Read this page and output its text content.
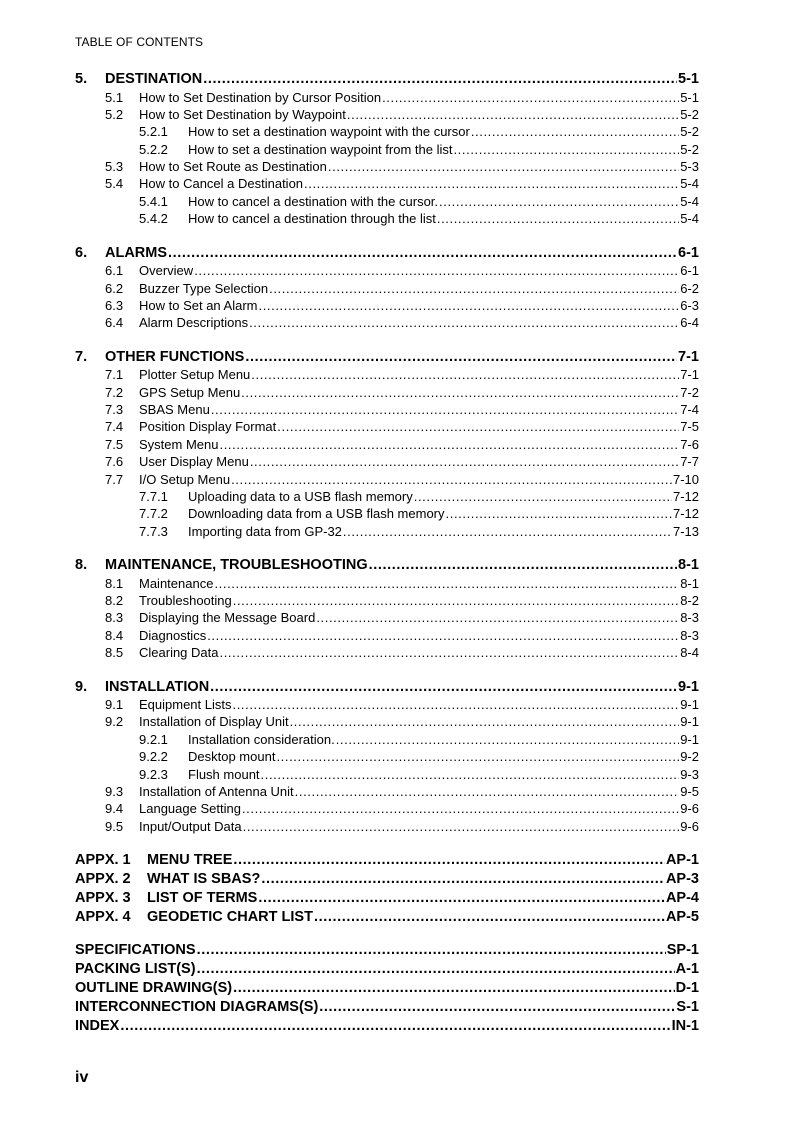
TABLE OF CONTENTS
5.	DESTINATION .....	5-1
5.1	How to Set Destination by Cursor Position .....	5-1
5.2	How to Set Destination by Waypoint .....	5-2
5.2.1	How to set a destination waypoint with the cursor .....	5-2
5.2.2	How to set a destination waypoint from the list .....	5-2
5.3	How to Set Route as Destination .....	5-3
5.4	How to Cancel a Destination .....	5-4
5.4.1	How to cancel a destination with the cursor. .....	5-4
5.4.2	How to cancel a destination through the list .....	5-4
6.	ALARMS .....	6-1
6.1	Overview .....	6-1
6.2	Buzzer Type Selection .....	6-2
6.3	How to Set an Alarm .....	6-3
6.4	Alarm Descriptions .....	6-4
7.	OTHER FUNCTIONS .....	7-1
7.1	Plotter Setup Menu .....	7-1
7.2	GPS Setup Menu .....	7-2
7.3	SBAS Menu .....	7-4
7.4	Position Display Format .....	7-5
7.5	System Menu .....	7-6
7.6	User Display Menu .....	7-7
7.7	I/O Setup Menu .....	7-10
7.7.1	Uploading data to a USB flash memory .....	7-12
7.7.2	Downloading data from a USB flash memory .....	7-12
7.7.3	Importing data from GP-32 .....	7-13
8.	MAINTENANCE, TROUBLESHOOTING .....	8-1
8.1	Maintenance .....	8-1
8.2	Troubleshooting .....	8-2
8.3	Displaying the Message Board .....	8-3
8.4	Diagnostics .....	8-3
8.5	Clearing Data .....	8-4
9.	INSTALLATION .....	9-1
9.1	Equipment Lists .....	9-1
9.2	Installation of Display Unit .....	9-1
9.2.1	Installation consideration. .....	9-1
9.2.2	Desktop mount .....	9-2
9.2.3	Flush mount .....	9-3
9.3	Installation of Antenna Unit .....	9-5
9.4	Language Setting .....	9-6
9.5	Input/Output Data .....	9-6
APPX. 1	MENU TREE .....	AP-1
APPX. 2	WHAT IS SBAS? .....	AP-3
APPX. 3	LIST OF TERMS .....	AP-4
APPX. 4	GEODETIC CHART LIST .....	AP-5
SPECIFICATIONS .....	SP-1
PACKING LIST(S) .....	A-1
OUTLINE DRAWING(S) .....	D-1
INTERCONNECTION DIAGRAMS(S) .....	S-1
INDEX .....	IN-1
iv
